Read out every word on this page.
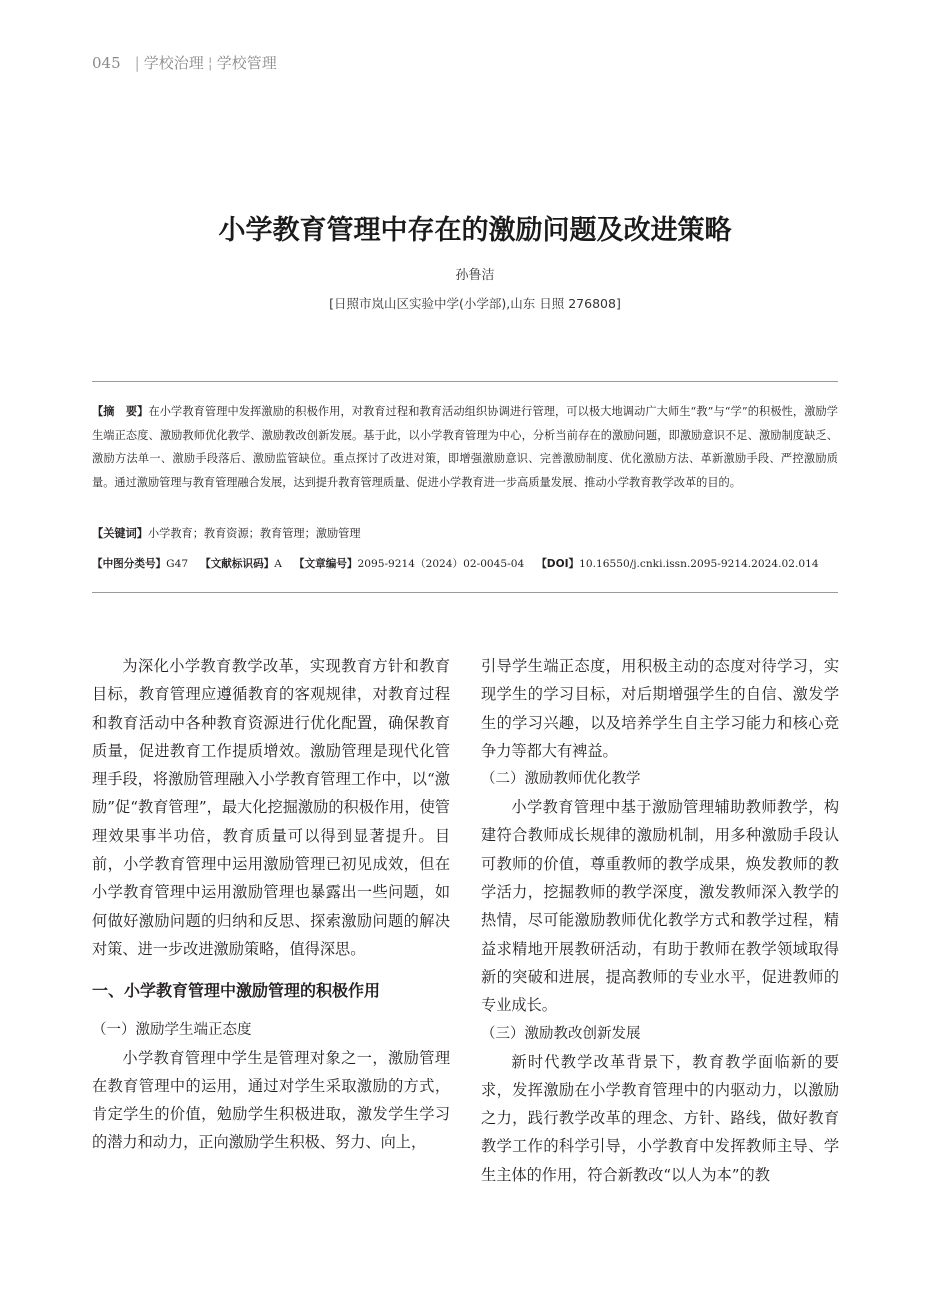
045 | 学校治理 ¦ 学校管理
小学教育管理中存在的激励问题及改进策略
孙鲁洁
[日照市岚山区实验中学(小学部),山东 日照 276808]
【摘　要】在小学教育管理中发挥激励的积极作用，对教育过程和教育活动组织协调进行管理，可以极大地调动广大师生“教”与“学”的积极性，激励学生端正态度、激励教师优化教学、激励教改创新发展。基于此，以小学教育管理为中心，分析当前存在的激励问题，即激励意识不足、激励制度缺乏、激励方法单一、激励手段落后、激励监管缺位。重点探讨了改进对策，即增强激励意识、完善激励制度、优化激励方法、革新激励手段、严控激励质量。通过激励管理与教育管理融合发展，达到提升教育管理质量、促进小学教育进一步高质量发展、推动小学教育教学改革的目的。
【关键词】小学教育；教育资源；教育管理；激励管理
【中图分类号】G47 【文献标识码】A 【文章编号】2095-9214（2024）02-0045-04 【DOI】10.16550/j.cnki.issn.2095-9214.2024.02.014

为深化小学教育教学改革，实现教育方针和教育目标，教育管理应遵循教育的客观规律，对教育过程和教育活动中各种教育资源进行优化配置，确保教育质量，促进教育工作提质增效。激励管理是现代化管理手段，将激励管理融入小学教育管理工作中，以“激励”促“教育管理”，最大化挖掘激励的积极作用，使管理效果事半功倍，教育质量可以得到显著提升。目前，小学教育管理中运用激励管理已初见成效，但在小学教育管理中运用激励管理也暴露出一些问题，如何做好激励问题的归纳和反思、探索激励问题的解决对策、进一步改进激励策略，值得深思。

一、小学教育管理中激励管理的积极作用
（一）激励学生端正态度

小学教育管理中学生是管理对象之一，激励管理在教育管理中的运用，通过对学生采取激励的方式，肯定学生的价值，勉励学生积极进取，激发学生学习的潜力和动力，正向激励学生积极、努力、向上，

引导学生端正态度，用积极主动的态度对待学习，实现学生的学习目标，对后期增强学生的自信、激发学生的学习兴趣，以及培养学生自主学习能力和核心竞争力等都大有裨益。

（二）激励教师优化教学

小学教育管理中基于激励管理辅助教师教学，构建符合教师成长规律的激励机制，用多种激励手段认可教师的价值，尊重教师的教学成果，焕发教师的教学活力，挖掘教师的教学深度，激发教师深入教学的热情，尽可能激励教师优化教学方式和教学过程，精益求精地开展教研活动，有助于教师在教学领域取得新的突破和进展，提高教师的专业水平，促进教师的专业成长。

（三）激励教改创新发展

新时代教学改革背景下，教育教学面临新的要求，发挥激励在小学教育管理中的内驱动力，以激励之力，践行教学改革的理念、方针、路线，做好教育教学工作的科学引导，小学教育中发挥教师主导、学生主体的作用，符合新教改“以人为本”的教
